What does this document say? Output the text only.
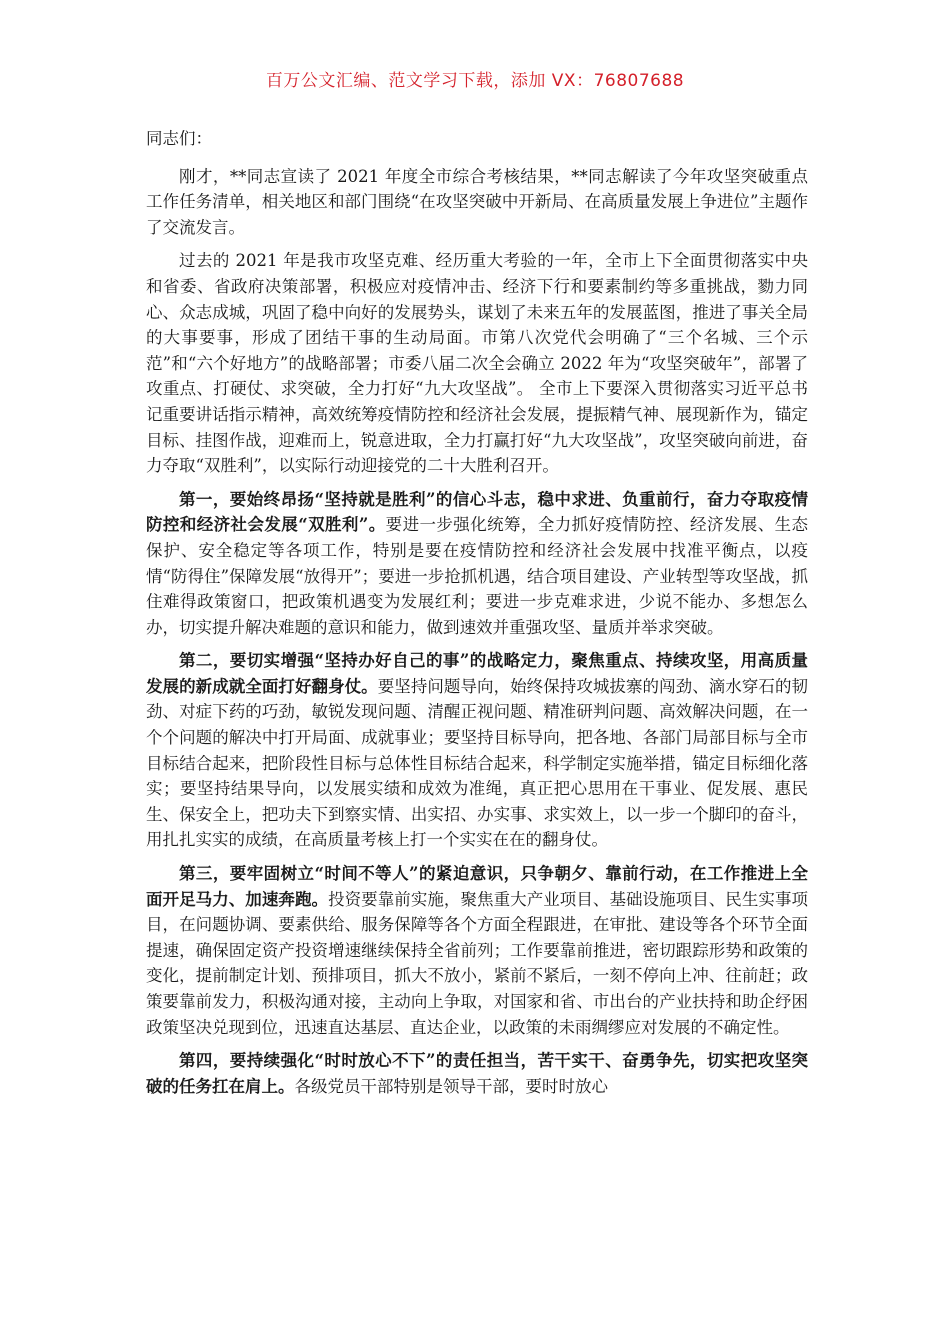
百万公文汇编、范文学习下载，添加 VX：76807688

同志们：

刚才，**同志宣读了 2021 年度全市综合考核结果，**同志解读了今年攻坚突破重点工作任务清单，相关地区和部门围绕“在攻坚突破中开新局、在高质量发展上争进位”主题作了交流发言。

过去的 2021 年是我市攻坚克难、经历重大考验的一年，全市上下全面贯彻落实中央和省委、省政府决策部署，积极应对疫情冲击、经济下行和要素制约等多重挑战，勠力同心、众志成城，巩固了稳中向好的发展势头，谋划了未来五年的发展蓝图，推进了事关全局的大事要事，形成了团结干事的生动局面。市第八次党代会明确了“三个名城、三个示范”和“六个好地方”的战略部署；市委八届二次全会确立 2022 年为“攻坚突破年”，部署了攻重点、打硬仗、求突破，全力打好“九大攻坚战”。 全市上下要深入贯彻落实习近平总书记重要讲话指示精神，高效统筹疫情防控和经济社会发展，提振精气神、展现新作为，锚定目标、挂图作战，迎难而上，锐意进取，全力打赢打好“九大攻坚战”，攻坚突破向前进，奋力夺取“双胜利”，以实际行动迎接党的二十大胜利召开。

第一，要始终昂扬“坚持就是胜利”的信心斗志，稳中求进、负重前行，奋力夺取疫情防控和经济社会发展“双胜利”。要进一步强化统筹，全力抓好疫情防控、经济发展、生态保护、安全稳定等各项工作，特别是要在疫情防控和经济社会发展中找准平衡点，以疫情“防得住”保障发展“放得开”；要进一步抢抓机遇，结合项目建设、产业转型等攻坚战，抓住难得政策窗口，把政策机遇变为发展红利；要进一步克难求进，少说不能办、多想怎么办，切实提升解决难题的意识和能力，做到速效并重强攻坚、量质并举求突破。

第二，要切实增强“坚持办好自己的事”的战略定力，聚焦重点、持续攻坚，用高质量发展的新成就全面打好翻身仗。要坚持问题导向，始终保持攻城拔寨的闯劲、滴水穿石的韧劲、对症下药的巧劲，敏锐发现问题、清醒正视问题、精准研判问题、高效解决问题，在一个个问题的解决中打开局面、成就事业；要坚持目标导向，把各地、各部门局部目标与全市目标结合起来，把阶段性目标与总体性目标结合起来，科学制定实施举措，锚定目标细化落实；要坚持结果导向，以发展实绩和成效为准绳，真正把心思用在干事业、促发展、惠民生、保安全上，把功夫下到察实情、出实招、办实事、求实效上，以一步一个脚印的奋斗，用扎扎实实的成绩，在高质量考核上打一个实实在在的翻身仗。

第三，要牢固树立“时间不等人”的紧迫意识，只争朝夕、靠前行动，在工作推进上全面开足马力、加速奔跑。投资要靠前实施，聚焦重大产业项目、基础设施项目、民生实事项目，在问题协调、要素供给、服务保障等各个方面全程跟进，在审批、建设等各个环节全面提速，确保固定资产投资增速继续保持全省前列；工作要靠前推进，密切跟踪形势和政策的变化，提前制定计划、预排项目，抓大不放小，紧前不紧后，一刻不停向上冲、往前赶；政策要靠前发力，积极沟通对接，主动向上争取，对国家和省、市出台的产业扶持和助企纾困政策坚决兑现到位，迅速直达基层、直达企业，以政策的未雨绸缪应对发展的不确定性。

第四，要持续强化“时时放心不下”的责任担当，苦干实干、奋勇争先，切实把攻坚突破的任务扛在肩上。各级党员干部特别是领导干部，要时时放心
